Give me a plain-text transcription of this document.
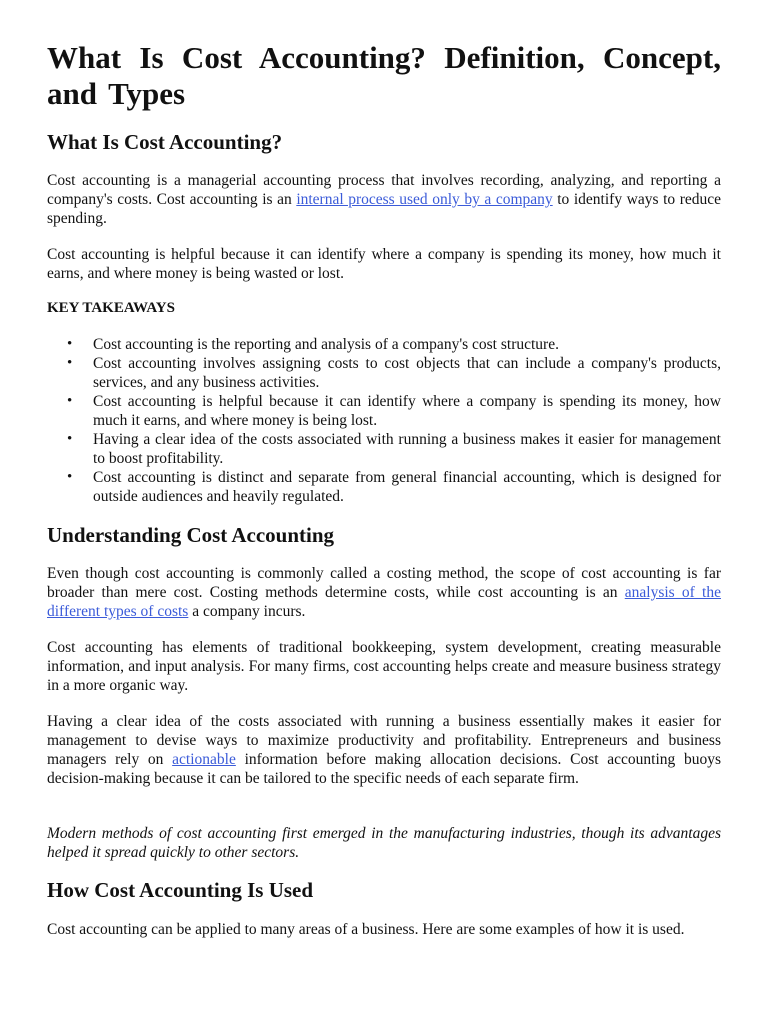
What Is Cost Accounting? Definition, Concept,
and Types
What Is Cost Accounting?

Cost accounting is a managerial accounting process that involves recording, analyzing, and reporting a company's costs. Cost accounting is an internal process used only by a company to identify ways to reduce spending.

Cost accounting is helpful because it can identify where a company is spending its money, how much it earns, and where money is being wasted or lost.

KEY TAKEAWAYS
• Cost accounting is the reporting and analysis of a company's cost structure.
• Cost accounting involves assigning costs to cost objects that can include a company's products, services, and any business activities.
• Cost accounting is helpful because it can identify where a company is spending its money, how much it earns, and where money is being lost.
• Having a clear idea of the costs associated with running a business makes it easier for management to boost profitability.
• Cost accounting is distinct and separate from general financial accounting, which is designed for outside audiences and heavily regulated.
Understanding Cost Accounting

Even though cost accounting is commonly called a costing method, the scope of cost accounting is far broader than mere cost. Costing methods determine costs, while cost accounting is an analysis of the different types of costs a company incurs.

Cost accounting has elements of traditional bookkeeping, system development, creating measurable information, and input analysis. For many firms, cost accounting helps create and measure business strategy in a more organic way.

Having a clear idea of the costs associated with running a business essentially makes it easier for management to devise ways to maximize productivity and profitability. Entrepreneurs and business managers rely on actionable information before making allocation decisions. Cost accounting buoys decision-making because it can be tailored to the specific needs of each separate firm.

Modern methods of cost accounting first emerged in the manufacturing industries, though its advantages helped it spread quickly to other sectors.

How Cost Accounting Is Used

Cost accounting can be applied to many areas of a business. Here are some examples of how it is used.
